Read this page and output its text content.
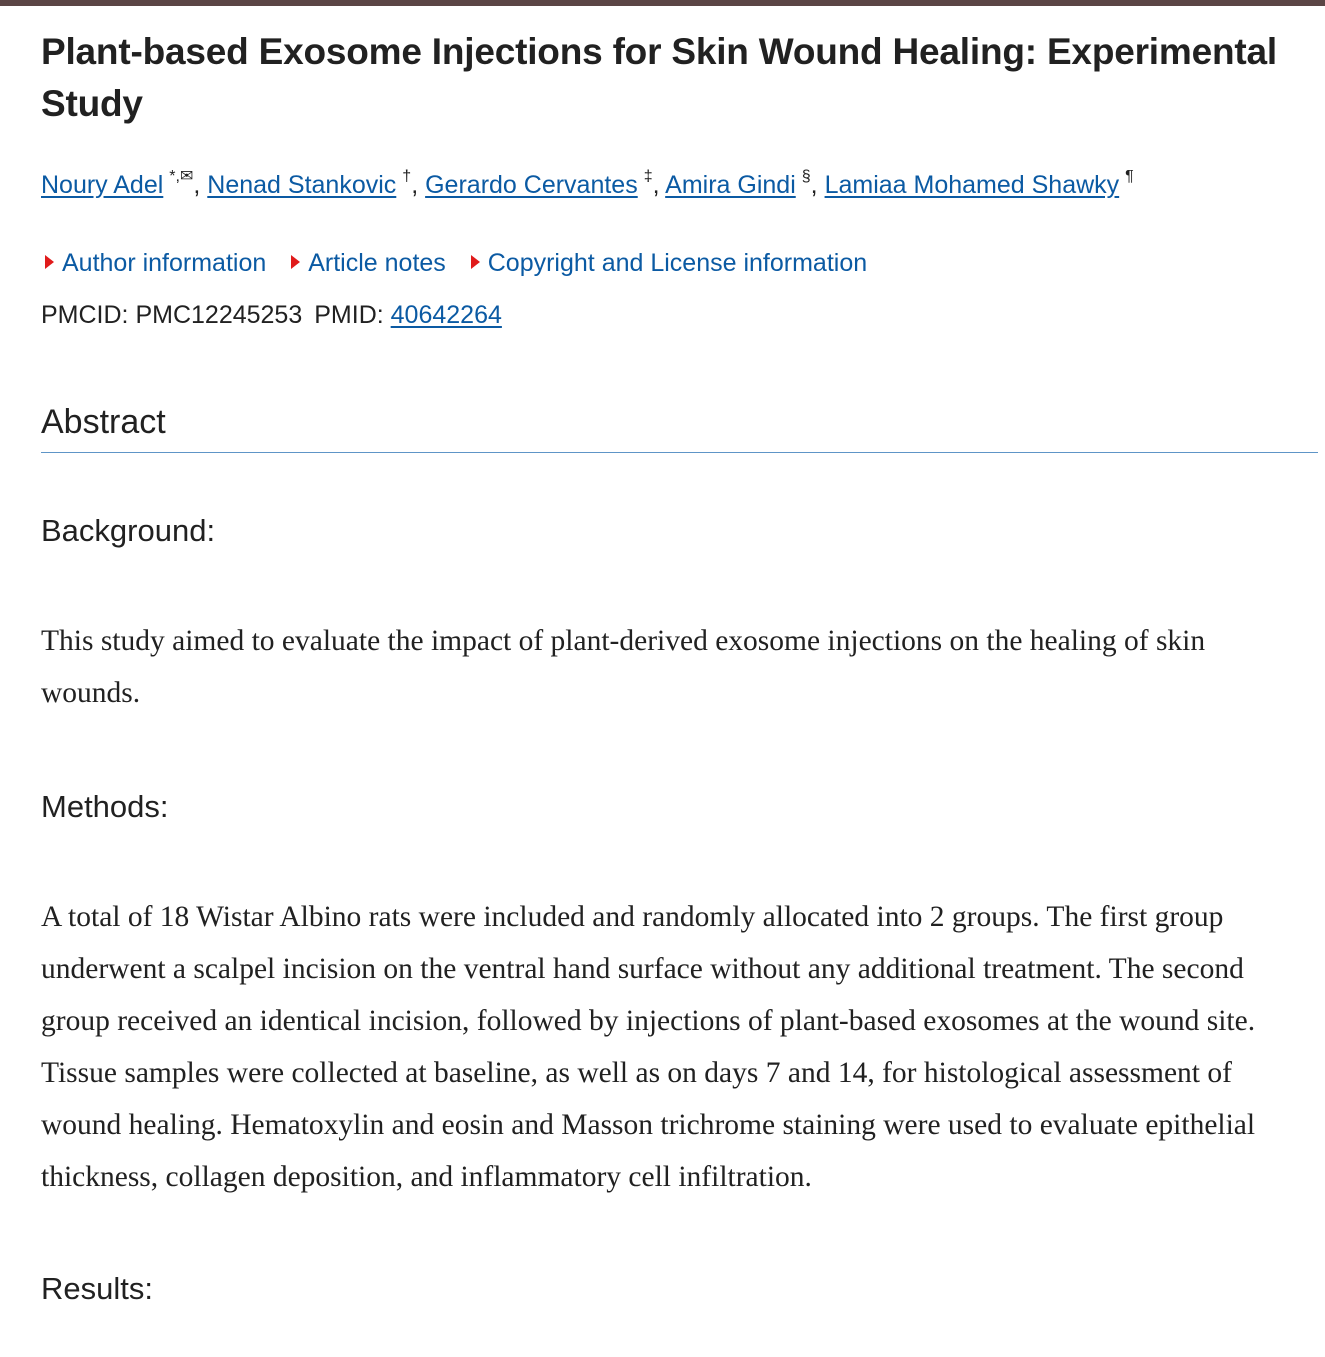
Plant-based Exosome Injections for Skin Wound Healing: Experimental Study
Noury Adel *,✉, Nenad Stankovic †, Gerardo Cervantes ‡, Amira Gindi §, Lamiaa Mohamed Shawky ¶
Author information Article notes Copyright and License information
PMCID: PMC12245253 PMID: 40642264
Abstract
Background:
This study aimed to evaluate the impact of plant-derived exosome injections on the healing of skin wounds.
Methods:
A total of 18 Wistar Albino rats were included and randomly allocated into 2 groups. The first group underwent a scalpel incision on the ventral hand surface without any additional treatment. The second group received an identical incision, followed by injections of plant-based exosomes at the wound site. Tissue samples were collected at baseline, as well as on days 7 and 14, for histological assessment of wound healing. Hematoxylin and eosin and Masson trichrome staining were used to evaluate epithelial thickness, collagen deposition, and inflammatory cell infiltration.
Results:
